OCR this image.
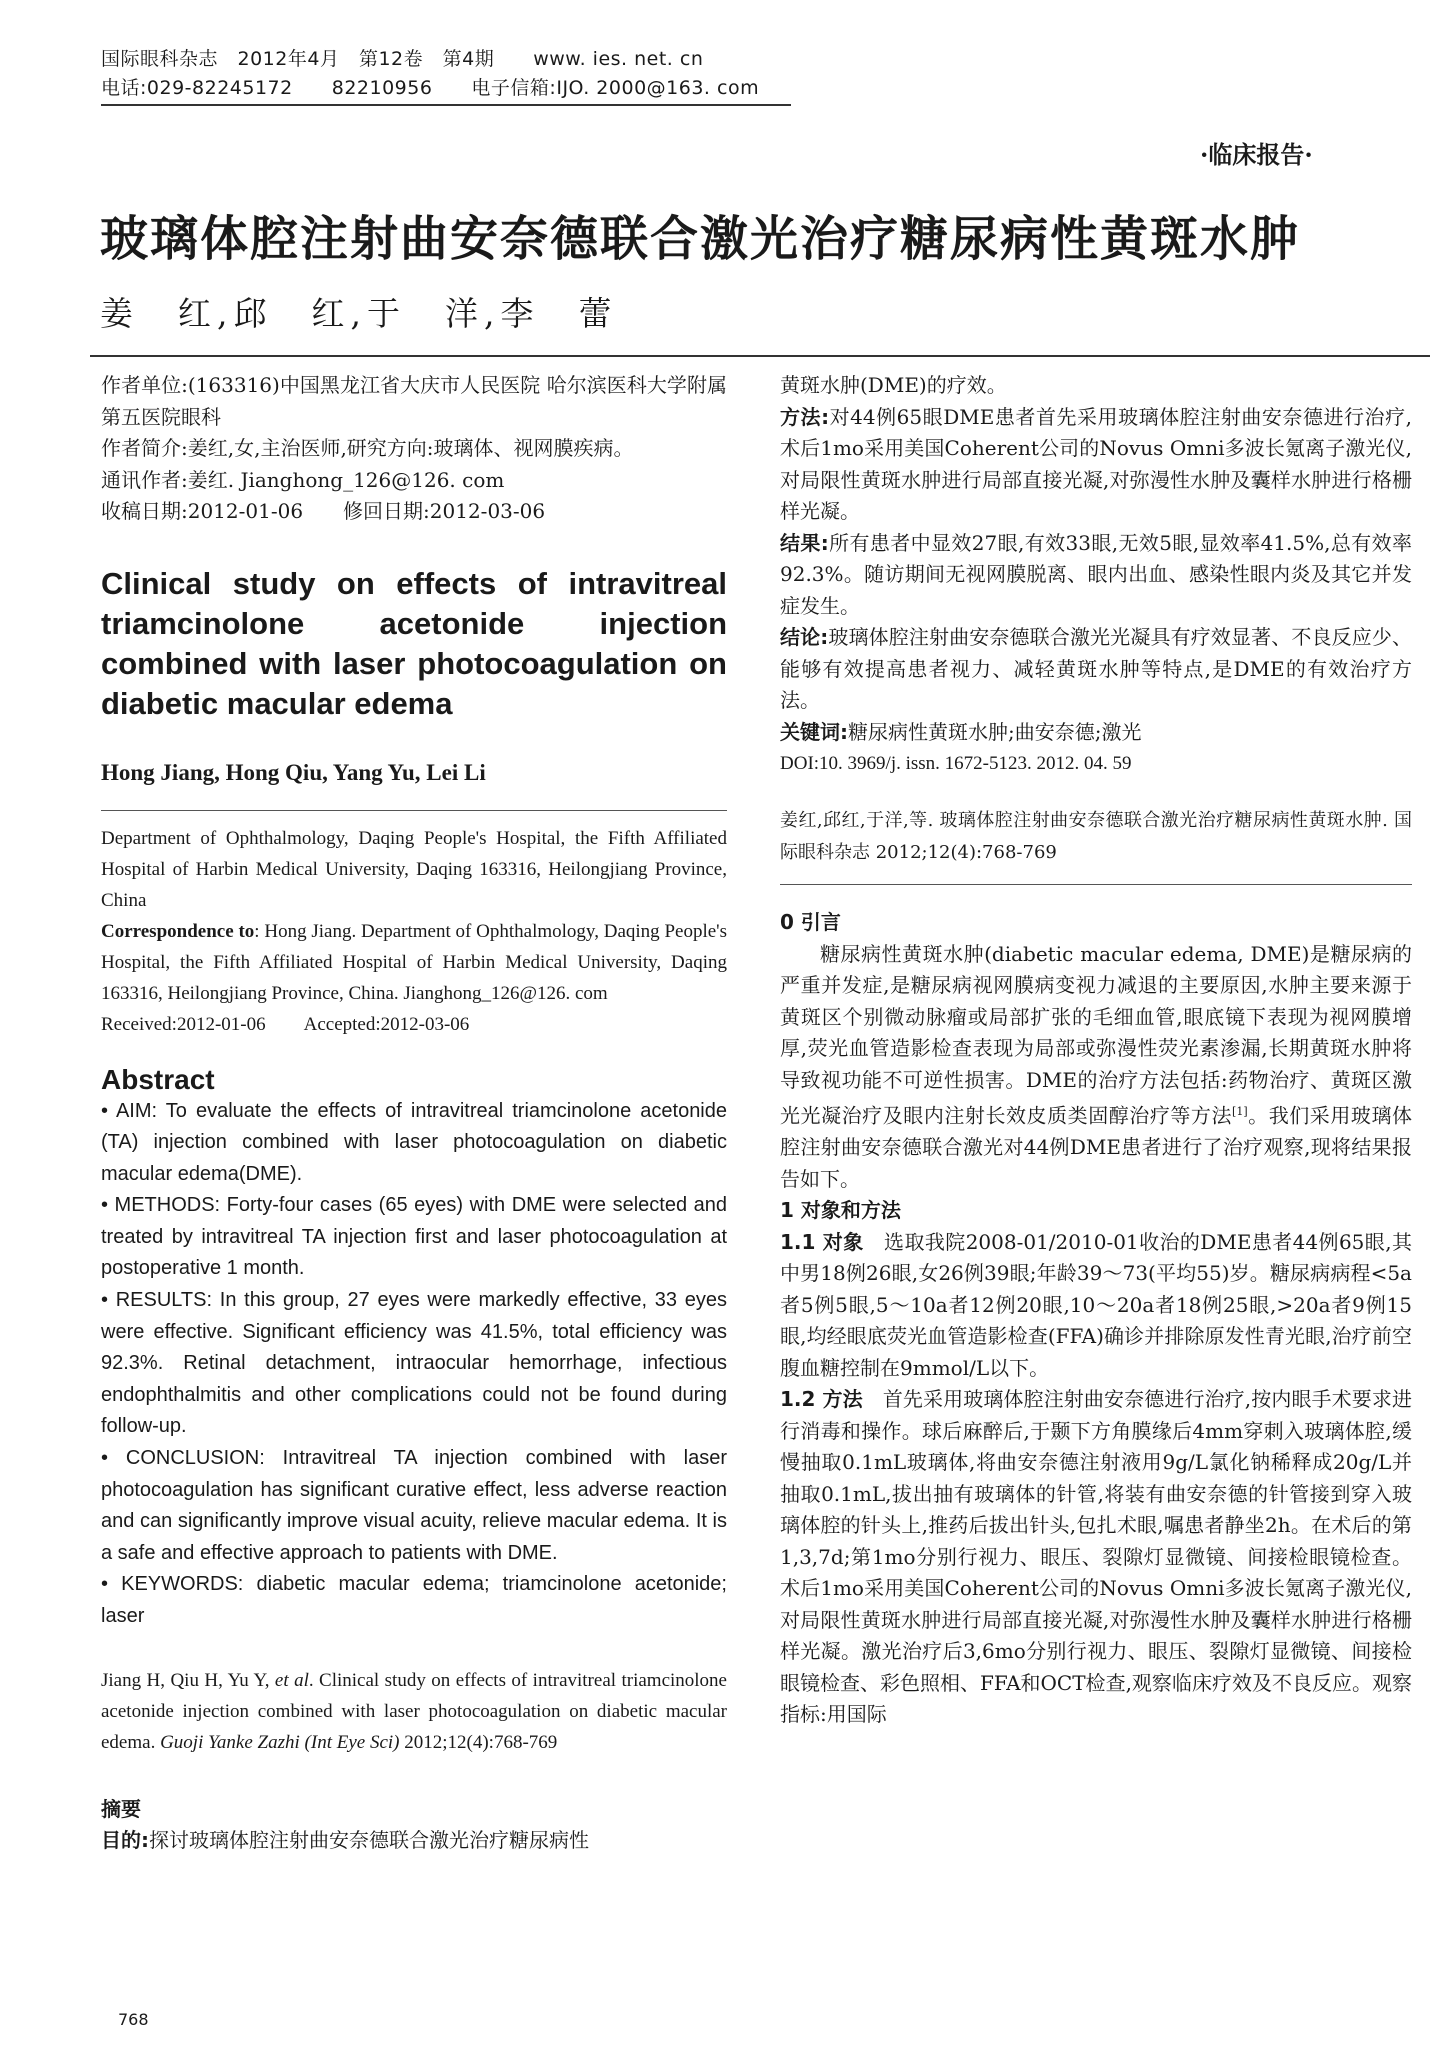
国际眼科杂志　2012年4月　第12卷　第4期　　www. ies. net. cn
电话:029-82245172　　82210956　　电子信箱:IJO. 2000@163. com
·临床报告·
玻璃体腔注射曲安奈德联合激光治疗糖尿病性黄斑水肿
姜　红,邱　红,于　洋,李　蕾

作者单位:(163316)中国黑龙江省大庆市人民医院 哈尔滨医科大学附属第五医院眼科

作者简介:姜红,女,主治医师,研究方向:玻璃体、视网膜疾病。

通讯作者:姜红. Jianghong_126@126. com

收稿日期:2012-01-06　　修回日期:2012-03-06

Clinical study on effects of intravitreal triamcinolone acetonide injection combined with laser photocoagulation on diabetic macular edema

Hong Jiang, Hong Qiu, Yang Yu, Lei Li

Department of Ophthalmology, Daqing People's Hospital, the Fifth Affiliated Hospital of Harbin Medical University, Daqing 163316, Heilongjiang Province, China

Correspondence to: Hong Jiang. Department of Ophthalmology, Daqing People's Hospital, the Fifth Affiliated Hospital of Harbin Medical University, Daqing 163316, Heilongjiang Province, China. Jianghong_126@126. com

Received:2012-01-06　　Accepted:2012-03-06

Abstract

• AIM: To evaluate the effects of intravitreal triamcinolone acetonide (TA) injection combined with laser photocoagulation on diabetic macular edema(DME).

• METHODS: Forty-four cases (65 eyes) with DME were selected and treated by intravitreal TA injection first and laser photocoagulation at postoperative 1 month.

• RESULTS: In this group, 27 eyes were markedly effective, 33 eyes were effective. Significant efficiency was 41.5%, total efficiency was 92.3%. Retinal detachment, intraocular hemorrhage, infectious endophthalmitis and other complications could not be found during follow-up.

• CONCLUSION: Intravitreal TA injection combined with laser photocoagulation has significant curative effect, less adverse reaction and can significantly improve visual acuity, relieve macular edema. It is a safe and effective approach to patients with DME.

• KEYWORDS: diabetic macular edema; triamcinolone acetonide; laser

Jiang H, Qiu H, Yu Y, et al. Clinical study on effects of intravitreal triamcinolone acetonide injection combined with laser photocoagulation on diabetic macular edema. Guoji Yanke Zazhi (Int Eye Sci) 2012;12(4):768-769

摘要

目的:探讨玻璃体腔注射曲安奈德联合激光治疗糖尿病性

黄斑水肿(DME)的疗效。

方法:对44例65眼DME患者首先采用玻璃体腔注射曲安奈德进行治疗,术后1mo采用美国Coherent公司的Novus Omni多波长氪离子激光仪,对局限性黄斑水肿进行局部直接光凝,对弥漫性水肿及囊样水肿进行格栅样光凝。

结果:所有患者中显效27眼,有效33眼,无效5眼,显效率41.5%,总有效率92.3%。随访期间无视网膜脱离、眼内出血、感染性眼内炎及其它并发症发生。

结论:玻璃体腔注射曲安奈德联合激光光凝具有疗效显著、不良反应少、能够有效提高患者视力、减轻黄斑水肿等特点,是DME的有效治疗方法。

关键词:糖尿病性黄斑水肿;曲安奈德;激光

DOI:10. 3969/j. issn. 1672-5123. 2012. 04. 59

姜红,邱红,于洋,等. 玻璃体腔注射曲安奈德联合激光治疗糖尿病性黄斑水肿. 国际眼科杂志 2012;12(4):768-769

0 引言

糖尿病性黄斑水肿(diabetic macular edema, DME)是糖尿病的严重并发症,是糖尿病视网膜病变视力减退的主要原因,水肿主要来源于黄斑区个别微动脉瘤或局部扩张的毛细血管,眼底镜下表现为视网膜增厚,荧光血管造影检查表现为局部或弥漫性荧光素渗漏,长期黄斑水肿将导致视功能不可逆性损害。DME的治疗方法包括:药物治疗、黄斑区激光光凝治疗及眼内注射长效皮质类固醇治疗等方法[1]。我们采用玻璃体腔注射曲安奈德联合激光对44例DME患者进行了治疗观察,现将结果报告如下。

1 对象和方法

1.1 对象　选取我院2008-01/2010-01收治的DME患者44例65眼,其中男18例26眼,女26例39眼;年龄39～73(平均55)岁。糖尿病病程<5a者5例5眼,5～10a者12例20眼,10～20a者18例25眼,>20a者9例15眼,均经眼底荧光血管造影检查(FFA)确诊并排除原发性青光眼,治疗前空腹血糖控制在9mmol/L以下。

1.2 方法　首先采用玻璃体腔注射曲安奈德进行治疗,按内眼手术要求进行消毒和操作。球后麻醉后,于颞下方角膜缘后4mm穿刺入玻璃体腔,缓慢抽取0.1mL玻璃体,将曲安奈德注射液用9g/L氯化钠稀释成20g/L并抽取0.1mL,拔出抽有玻璃体的针管,将装有曲安奈德的针管接到穿入玻璃体腔的针头上,推药后拔出针头,包扎术眼,嘱患者静坐2h。在术后的第1,3,7d;第1mo分别行视力、眼压、裂隙灯显微镜、间接检眼镜检查。术后1mo采用美国Coherent公司的Novus Omni多波长氪离子激光仪,对局限性黄斑水肿进行局部直接光凝,对弥漫性水肿及囊样水肿进行格栅样光凝。激光治疗后3,6mo分别行视力、眼压、裂隙灯显微镜、间接检眼镜检查、彩色照相、FFA和OCT检查,观察临床疗效及不良反应。观察指标:用国际

768
